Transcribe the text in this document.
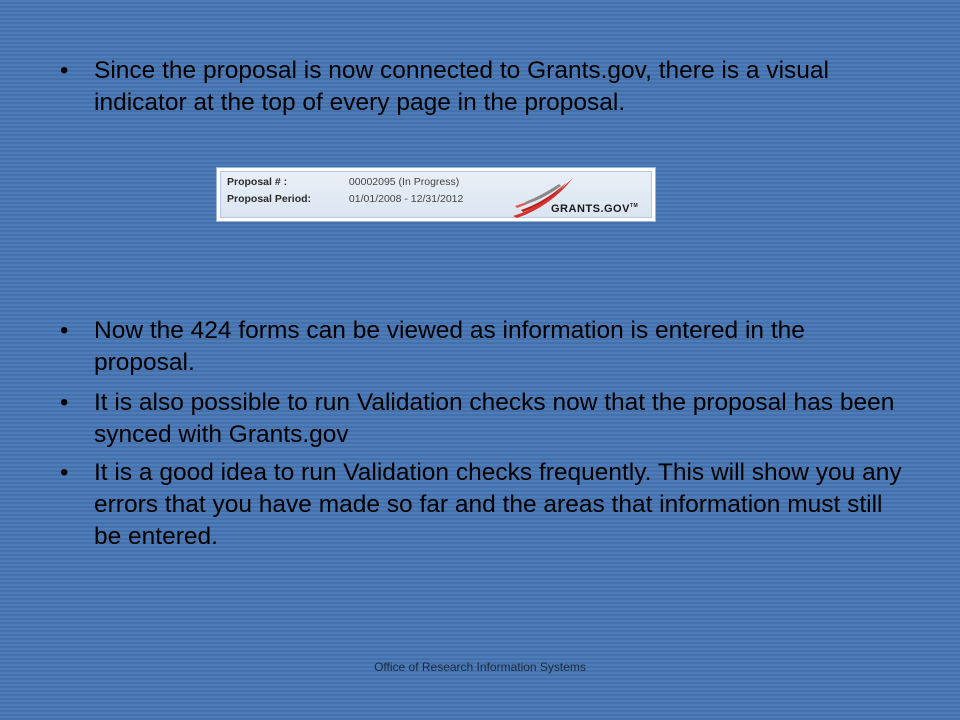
•	Since the proposal is now connected to Grants.gov, there is a visual indicator at the top of every page in the proposal.
Proposal # :	00002095 (In Progress)
Proposal Period:	01/01/2008 - 12/31/2012
GRANTS.GOV™
•	Now the 424 forms can be viewed as information is entered in the proposal.
•	It is also possible to run Validation checks now that the proposal has been synced with Grants.gov
•	It is a good idea to run Validation checks frequently. This will show you any errors that you have made so far and the areas that information must still be entered.
Office of Research Information Systems
